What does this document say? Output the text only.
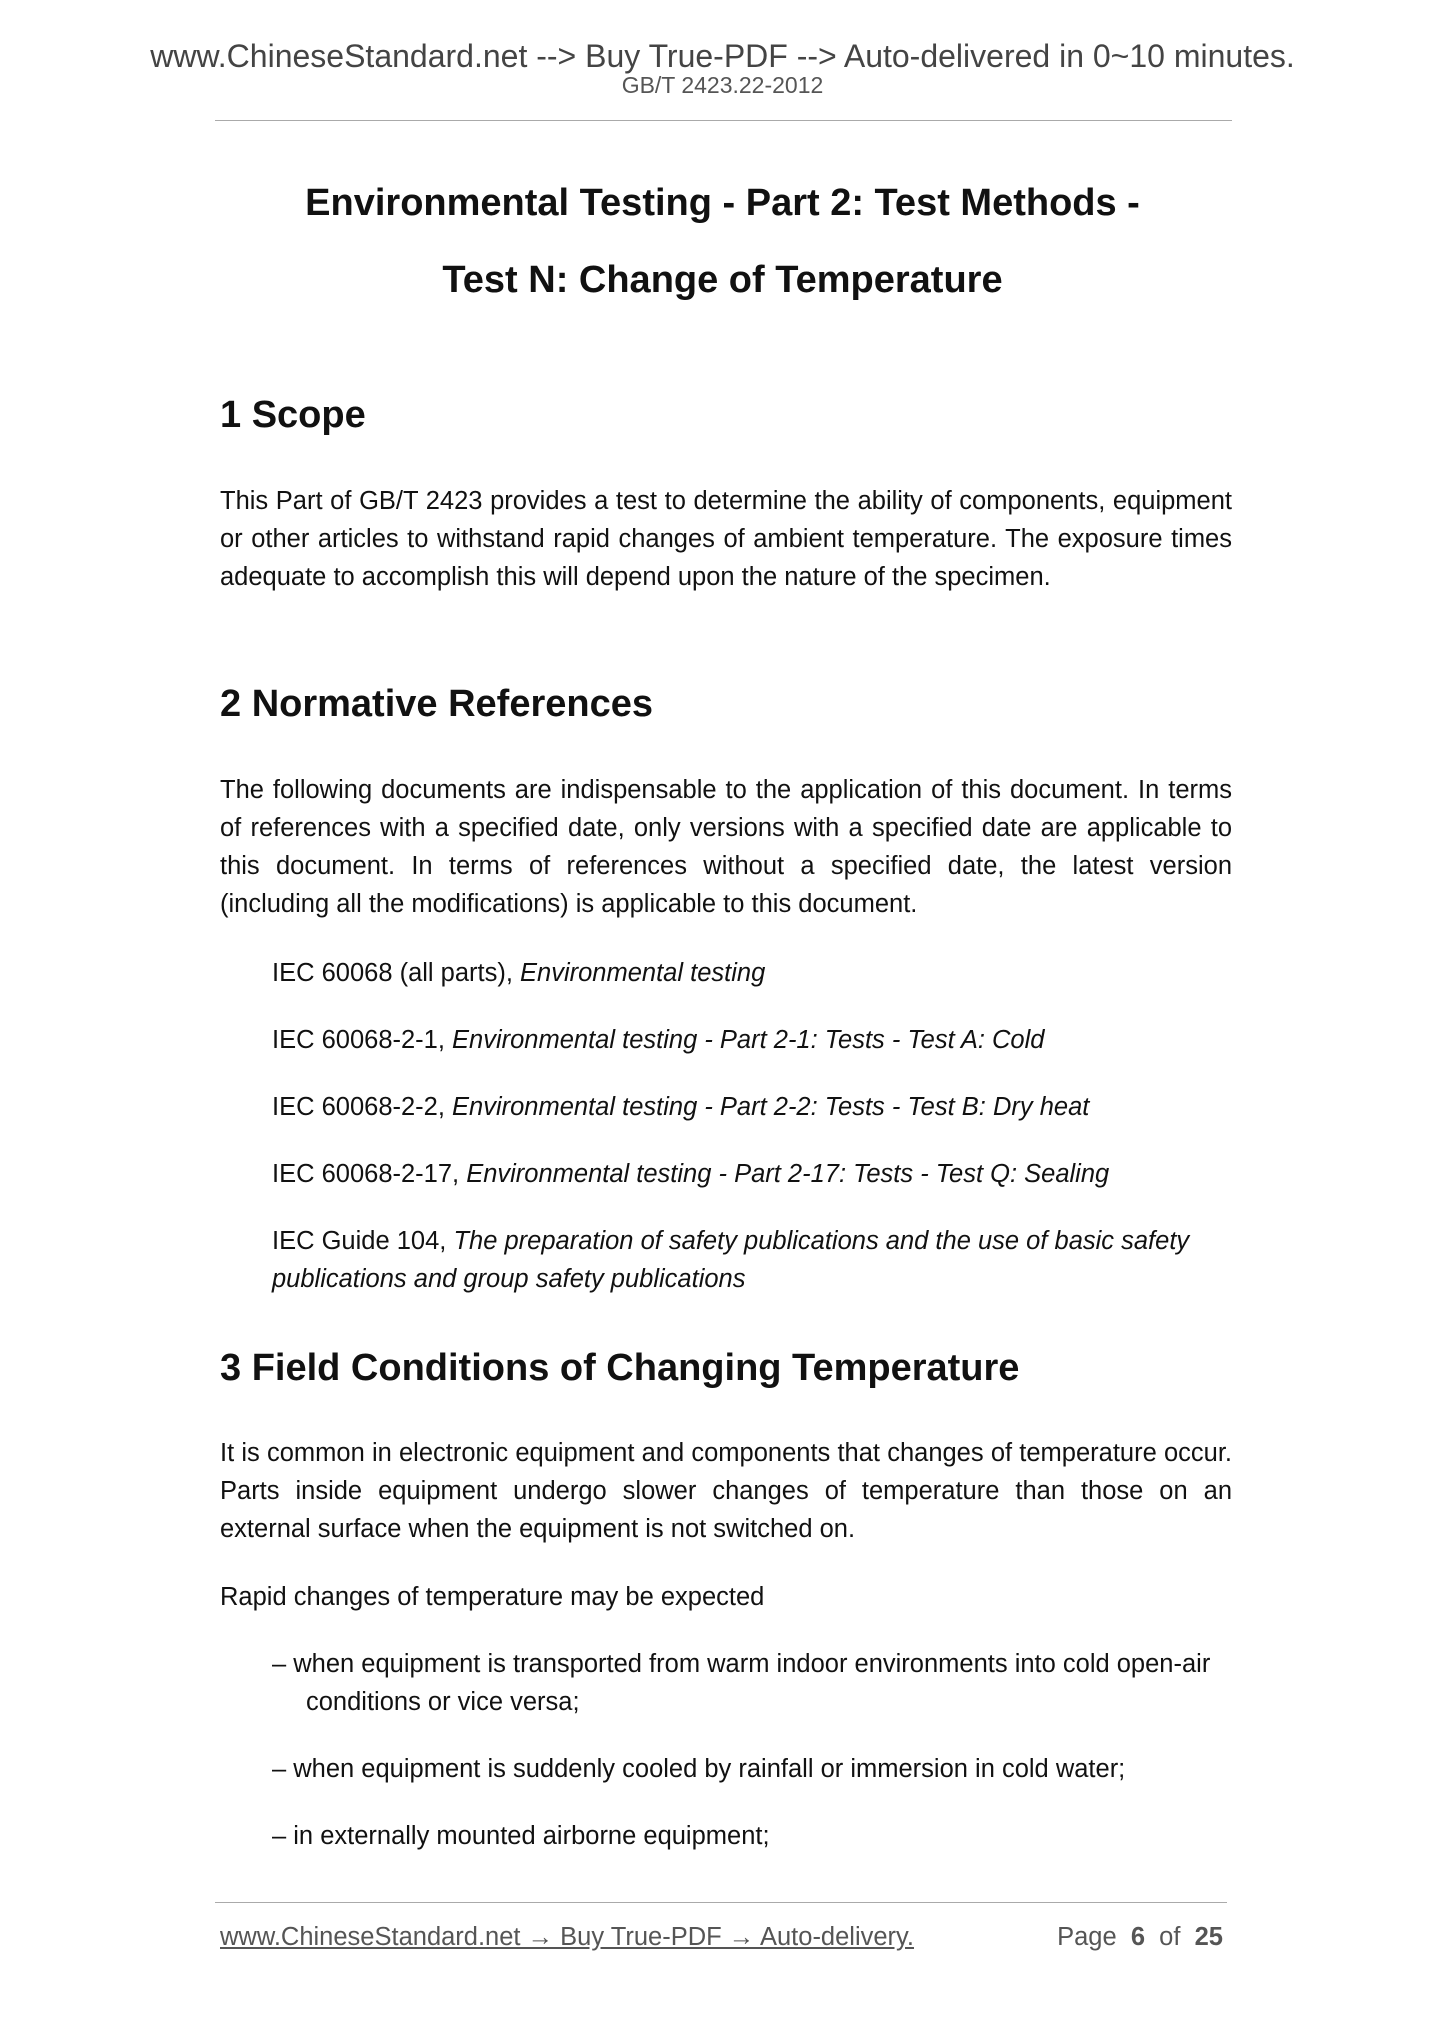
www.ChineseStandard.net --> Buy True-PDF --> Auto-delivered in 0~10 minutes.
GB/T 2423.22-2012
Environmental Testing - Part 2: Test Methods -
Test N: Change of Temperature
1 Scope

This Part of GB/T 2423 provides a test to determine the ability of components, equipment or other articles to withstand rapid changes of ambient temperature. The exposure times adequate to accomplish this will depend upon the nature of the specimen.

2 Normative References

The following documents are indispensable to the application of this document. In terms of references with a specified date, only versions with a specified date are applicable to this document. In terms of references without a specified date, the latest version (including all the modifications) is applicable to this document.

IEC 60068 (all parts), Environmental testing

IEC 60068-2-1, Environmental testing - Part 2-1: Tests - Test A: Cold

IEC 60068-2-2, Environmental testing - Part 2-2: Tests - Test B: Dry heat

IEC 60068-2-17, Environmental testing - Part 2-17: Tests - Test Q: Sealing

IEC Guide 104, The preparation of safety publications and the use of basic safety publications and group safety publications

3 Field Conditions of Changing Temperature

It is common in electronic equipment and components that changes of temperature occur. Parts inside equipment undergo slower changes of temperature than those on an external surface when the equipment is not switched on.

Rapid changes of temperature may be expected

– when equipment is transported from warm indoor environments into cold open-air conditions or vice versa;

– when equipment is suddenly cooled by rainfall or immersion in cold water;

– in externally mounted airborne equipment;

www.ChineseStandard.net → Buy True-PDF → Auto-delivery.	Page 6 of 25
